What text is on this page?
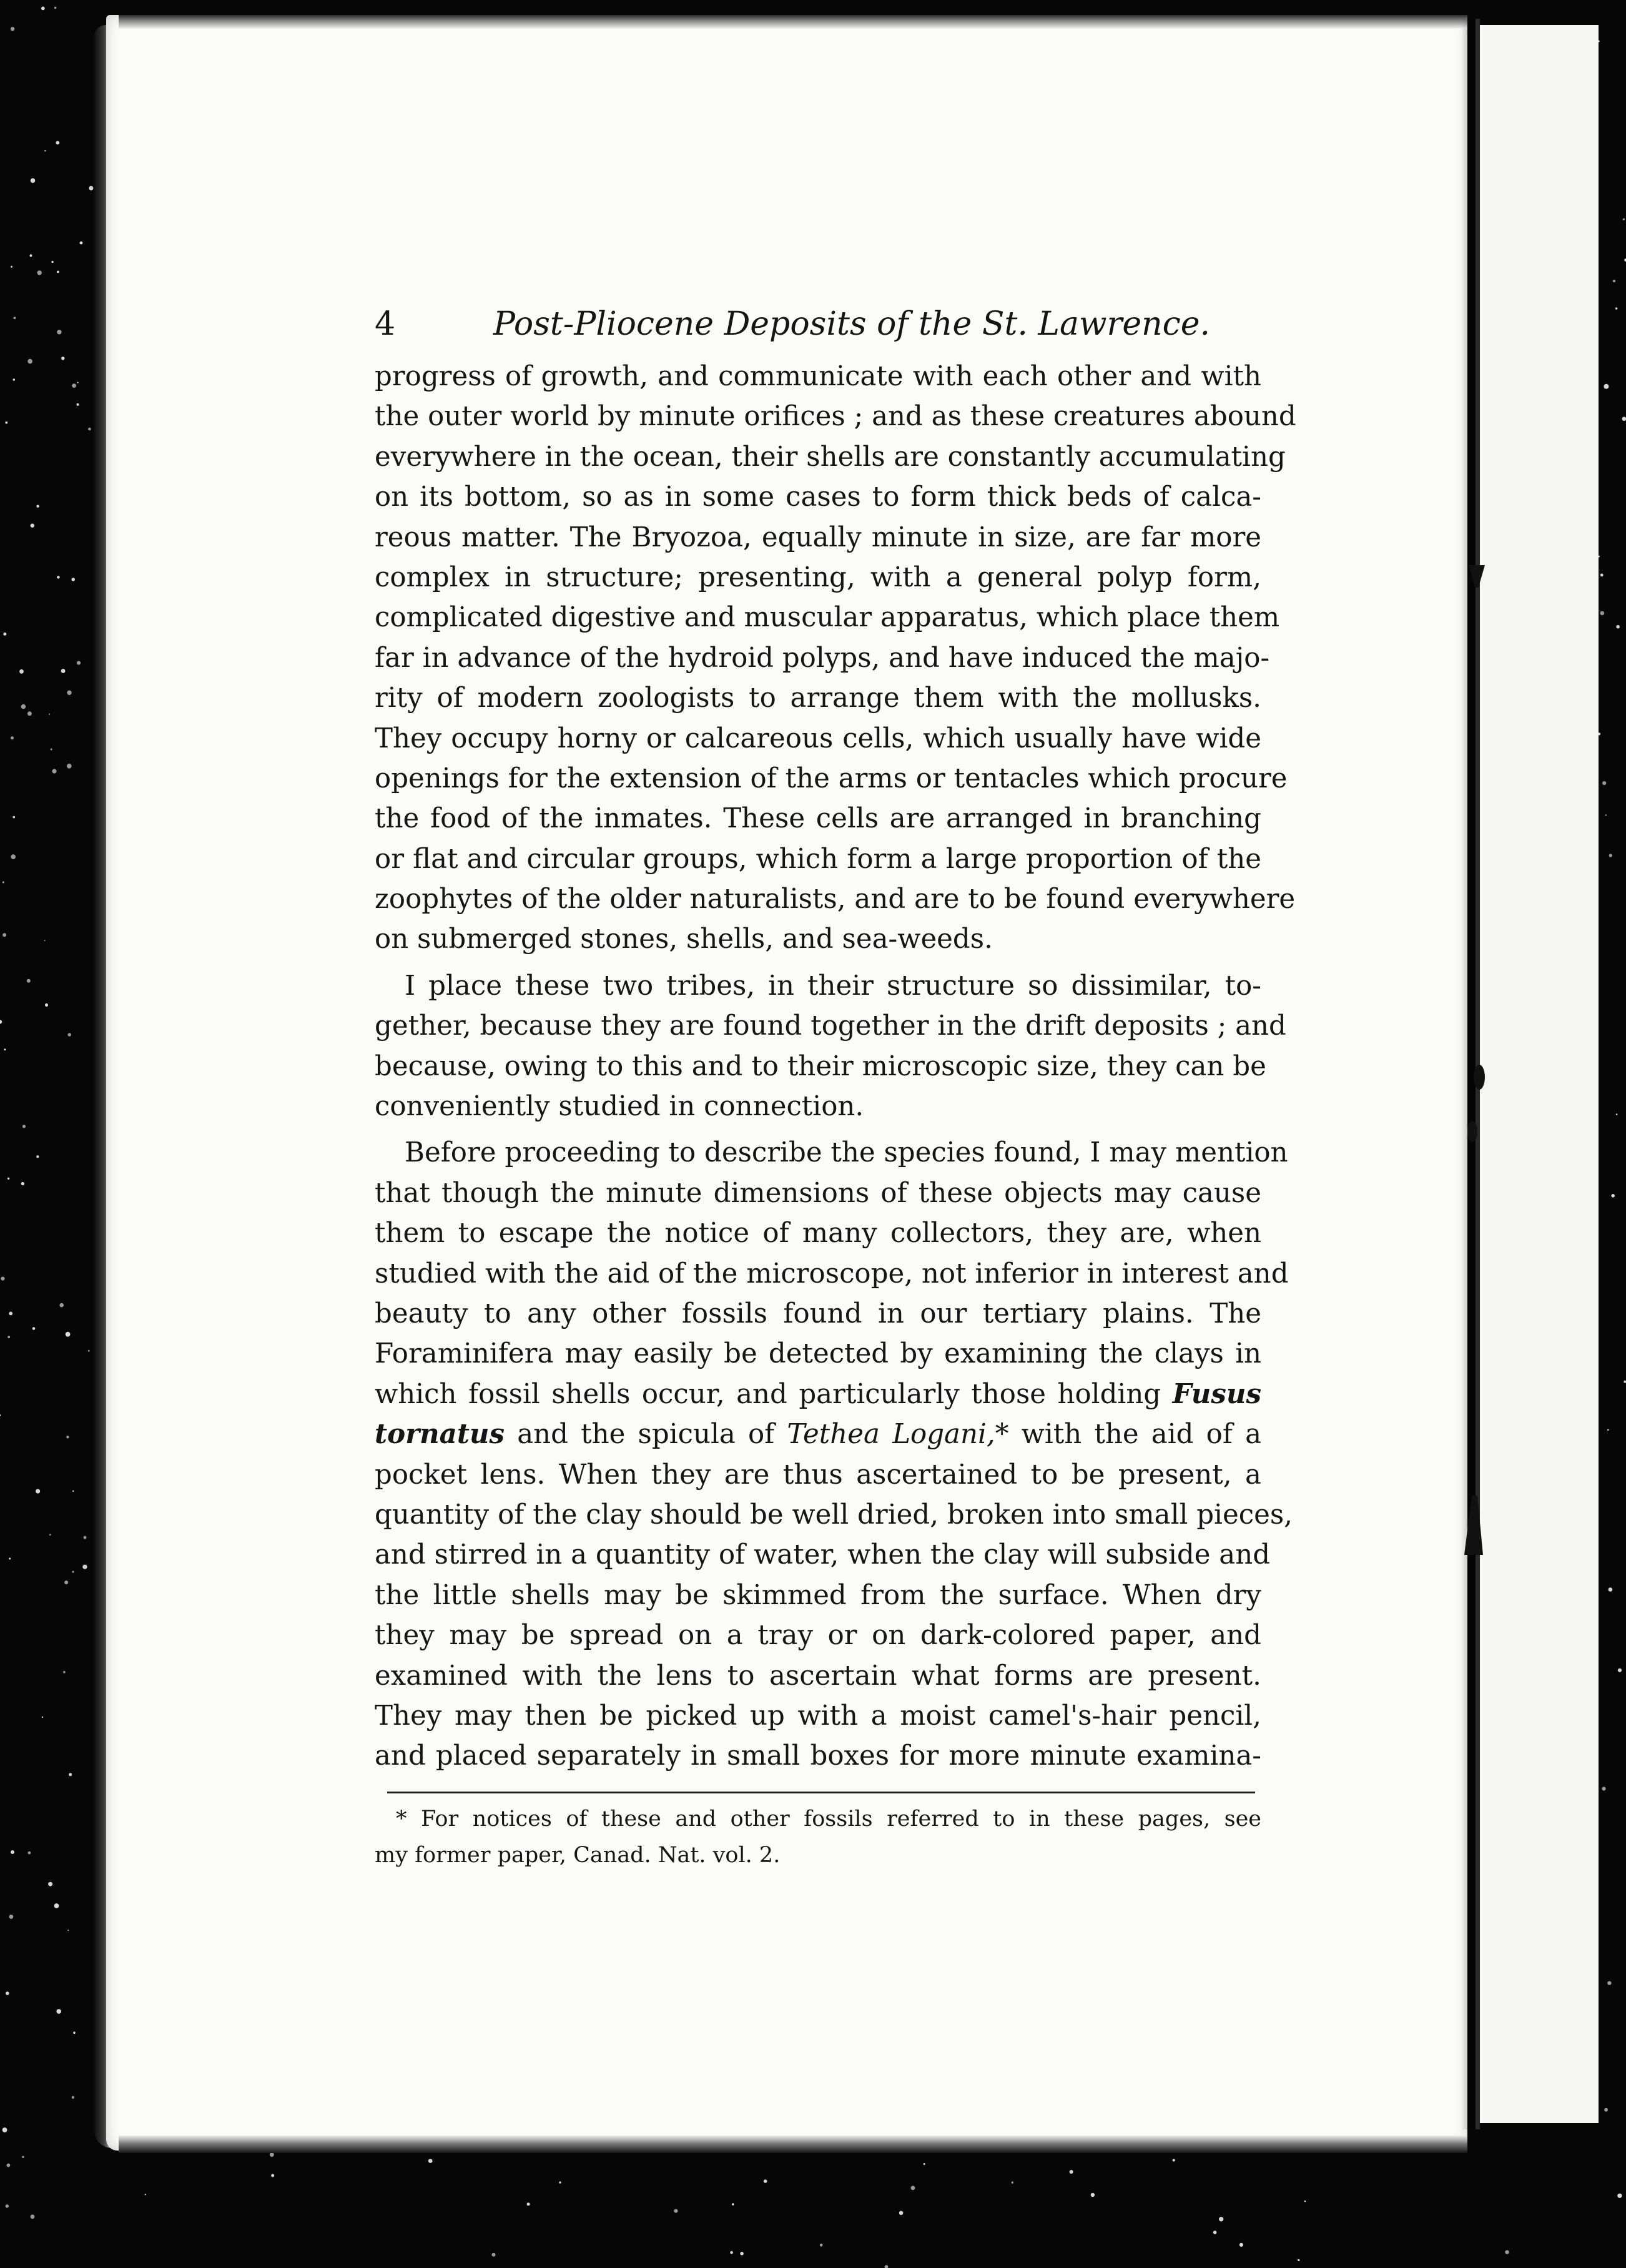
4	Post-Pliocene Deposits of the St. Lawrence.
progress of growth, and communicate with each other and with
the outer world by minute orifices ; and as these creatures abound
everywhere in the ocean, their shells are constantly accumulating
on its bottom, so as in some cases to form thick beds of calca-
reous matter. The Bryozoa, equally minute in size, are far more
complex in structure; presenting, with a general polyp form,
complicated digestive and muscular apparatus, which place them
far in advance of the hydroid polyps, and have induced the majo-
rity of modern zoologists to arrange them with the mollusks.
They occupy horny or calcareous cells, which usually have wide
openings for the extension of the arms or tentacles which procure
the food of the inmates. These cells are arranged in branching
or flat and circular groups, which form a large proportion of the
zoophytes of the older naturalists, and are to be found everywhere
on submerged stones, shells, and sea-weeds.
I place these two tribes, in their structure so dissimilar, to-
gether, because they are found together in the drift deposits ; and
because, owing to this and to their microscopic size, they can be
conveniently studied in connection.
Before proceeding to describe the species found, I may mention
that though the minute dimensions of these objects may cause
them to escape the notice of many collectors, they are, when
studied with the aid of the microscope, not inferior in interest and
beauty to any other fossils found in our tertiary plains. The
Foraminifera may easily be detected by examining the clays in
which fossil shells occur, and particularly those holding Fusus
tornatus and the spicula of Tethea Logani,* with the aid of a
pocket lens. When they are thus ascertained to be present, a
quantity of the clay should be well dried, broken into small pieces,
and stirred in a quantity of water, when the clay will subside and
the little shells may be skimmed from the surface. When dry
they may be spread on a tray or on dark-colored paper, and
examined with the lens to ascertain what forms are present.
They may then be picked up with a moist camel's-hair pencil,
and placed separately in small boxes for more minute examina-
* For notices of these and other fossils referred to in these pages, see
my former paper, Canad. Nat. vol. 2.
